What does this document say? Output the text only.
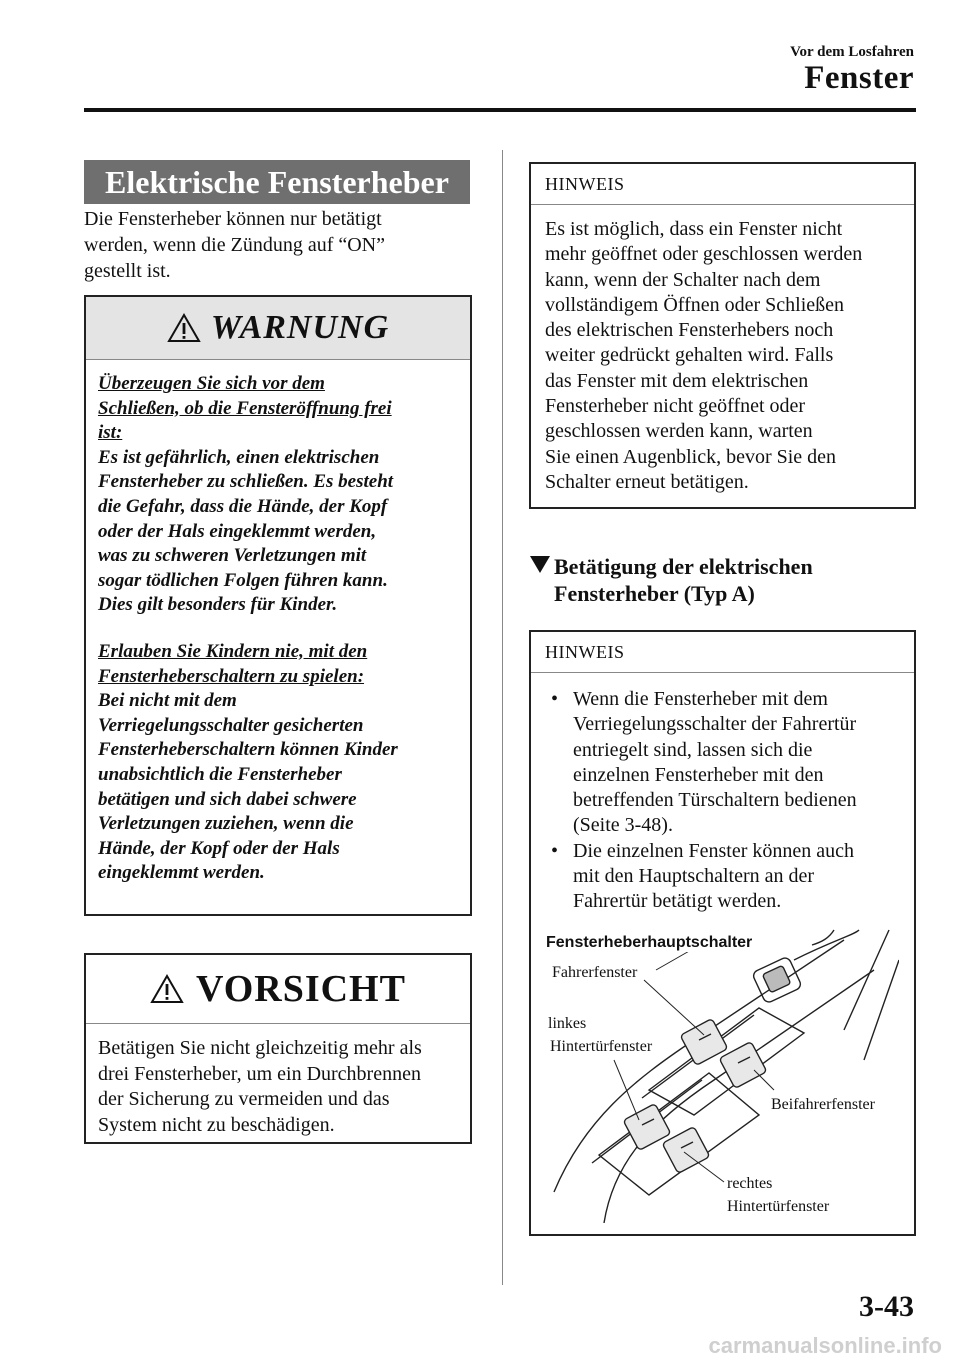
Vor dem Losfahren
Fenster
Elektrische Fensterheber
Die Fensterheber können nur betätigt
werden, wenn die Zündung auf “ON”
gestellt ist.
WARNUNG

Überzeugen Sie sich vor dem

Schließen, ob die Fensteröffnung frei

ist:

Es ist gefährlich, einen elektrischen

Fensterheber zu schließen. Es besteht

die Gefahr, dass die Hände, der Kopf

oder der Hals eingeklemmt werden,

was zu schweren Verletzungen mit

sogar tödlichen Folgen führen kann.

Dies gilt besonders für Kinder.

Erlauben Sie Kindern nie, mit den

Fensterheberschaltern zu spielen:

Bei nicht mit dem

Verriegelungsschalter gesicherten

Fensterheberschaltern können Kinder

unabsichtlich die Fensterheber

betätigen und sich dabei schwere

Verletzungen zuziehen, wenn die

Hände, der Kopf oder der Hals

eingeklemmt werden.

VORSICHT
Betätigen Sie nicht gleichzeitig mehr als
drei Fensterheber, um ein Durchbrennen
der Sicherung zu vermeiden und das
System nicht zu beschädigen.
HINWEIS
Es ist möglich, dass ein Fenster nicht
mehr geöffnet oder geschlossen werden
kann, wenn der Schalter nach dem
vollständigem Öffnen oder Schließen
des elektrischen Fensterhebers noch
weiter gedrückt gehalten wird. Falls
das Fenster mit dem elektrischen
Fensterheber nicht geöffnet oder
geschlossen werden kann, warten
Sie einen Augenblick, bevor Sie den
Schalter erneut betätigen.
Betätigung der elektrischen
Fensterheber (Typ A)
HINWEIS
• Wenn die Fensterheber mit dem
Verriegelungsschalter der Fahrertür
entriegelt sind, lassen sich die
einzelnen Fensterheber mit den
betreffenden Türschaltern bedienen
(Seite 3-48).
• Die einzelnen Fenster können auch
mit den Hauptschaltern an der
Fahrertür betätigt werden.
Fensterheberhauptschalter
Fahrerfenster
linkes
Hintertürfenster
Beifahrerfenster
rechtes
Hintertürfenster
3-43
carmanualsonline.info
